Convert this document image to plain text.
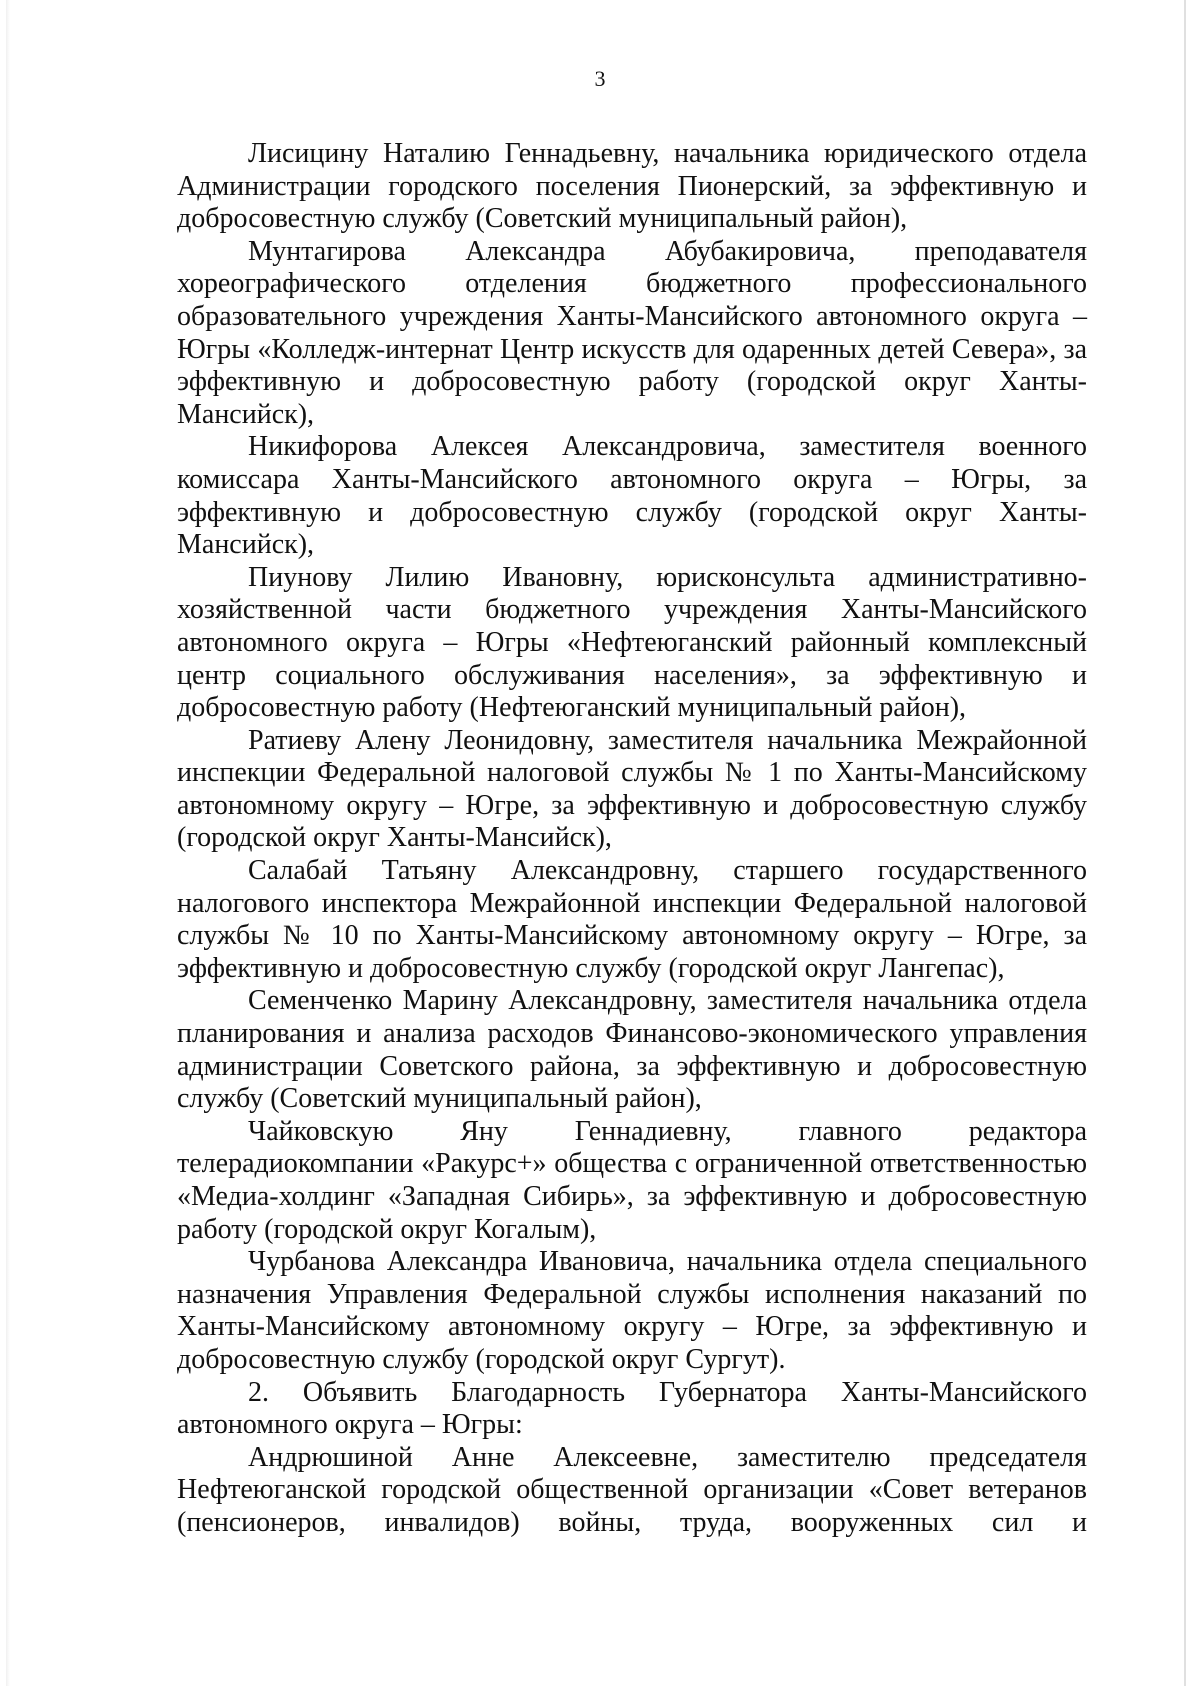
3

Лисицину Наталию Геннадьевну, начальника юридического отдела Администрации городского поселения Пионерский, за эффективную и добросовестную службу (Советский муниципальный район),

Мунтагирова Александра Абубакировича, преподавателя хореографического отделения бюджетного профессионального образовательного учреждения Ханты-Мансийского автономного округа – Югры «Колледж-интернат Центр искусств для одаренных детей Севера», за эффективную и добросовестную работу (городской округ Ханты-Мансийск),

Никифорова Алексея Александровича, заместителя военного комиссара Ханты-Мансийского автономного округа – Югры, за эффективную и добросовестную службу (городской округ Ханты-Мансийск),

Пиунову Лилию Ивановну, юрисконсульта административно-хозяйственной части бюджетного учреждения Ханты-Мансийского автономного округа – Югры «Нефтеюганский районный комплексный центр социального обслуживания населения», за эффективную и добросовестную работу (Нефтеюганский муниципальный район),

Ратиеву Алену Леонидовну, заместителя начальника Межрайонной инспекции Федеральной налоговой службы № 1 по Ханты-Мансийскому автономному округу – Югре, за эффективную и добросовестную службу (городской округ Ханты-Мансийск),

Салабай Татьяну Александровну, старшего государственного налогового инспектора Межрайонной инспекции Федеральной налоговой службы № 10 по Ханты-Мансийскому автономному округу – Югре, за эффективную и добросовестную службу (городской округ Лангепас),

Семенченко Марину Александровну, заместителя начальника отдела планирования и анализа расходов Финансово-экономического управления администрации Советского района, за эффективную и добросовестную службу (Советский муниципальный район),

Чайковскую Яну Геннадиевну, главного редактора телерадиокомпании «Ракурс+» общества с ограниченной ответственностью «Медиа-холдинг «Западная Сибирь», за эффективную и добросовестную работу (городской округ Когалым),

Чурбанова Александра Ивановича, начальника отдела специального назначения Управления Федеральной службы исполнения наказаний по Ханты-Мансийскому автономному округу – Югре, за эффективную и добросовестную службу (городской округ Сургут).

2. Объявить Благодарность Губернатора Ханты-Мансийского автономного округа – Югры:

Андрюшиной Анне Алексеевне, заместителю председателя Нефтеюганской городской общественной организации «Совет ветеранов (пенсионеров, инвалидов) войны, труда, вооруженных сил и
